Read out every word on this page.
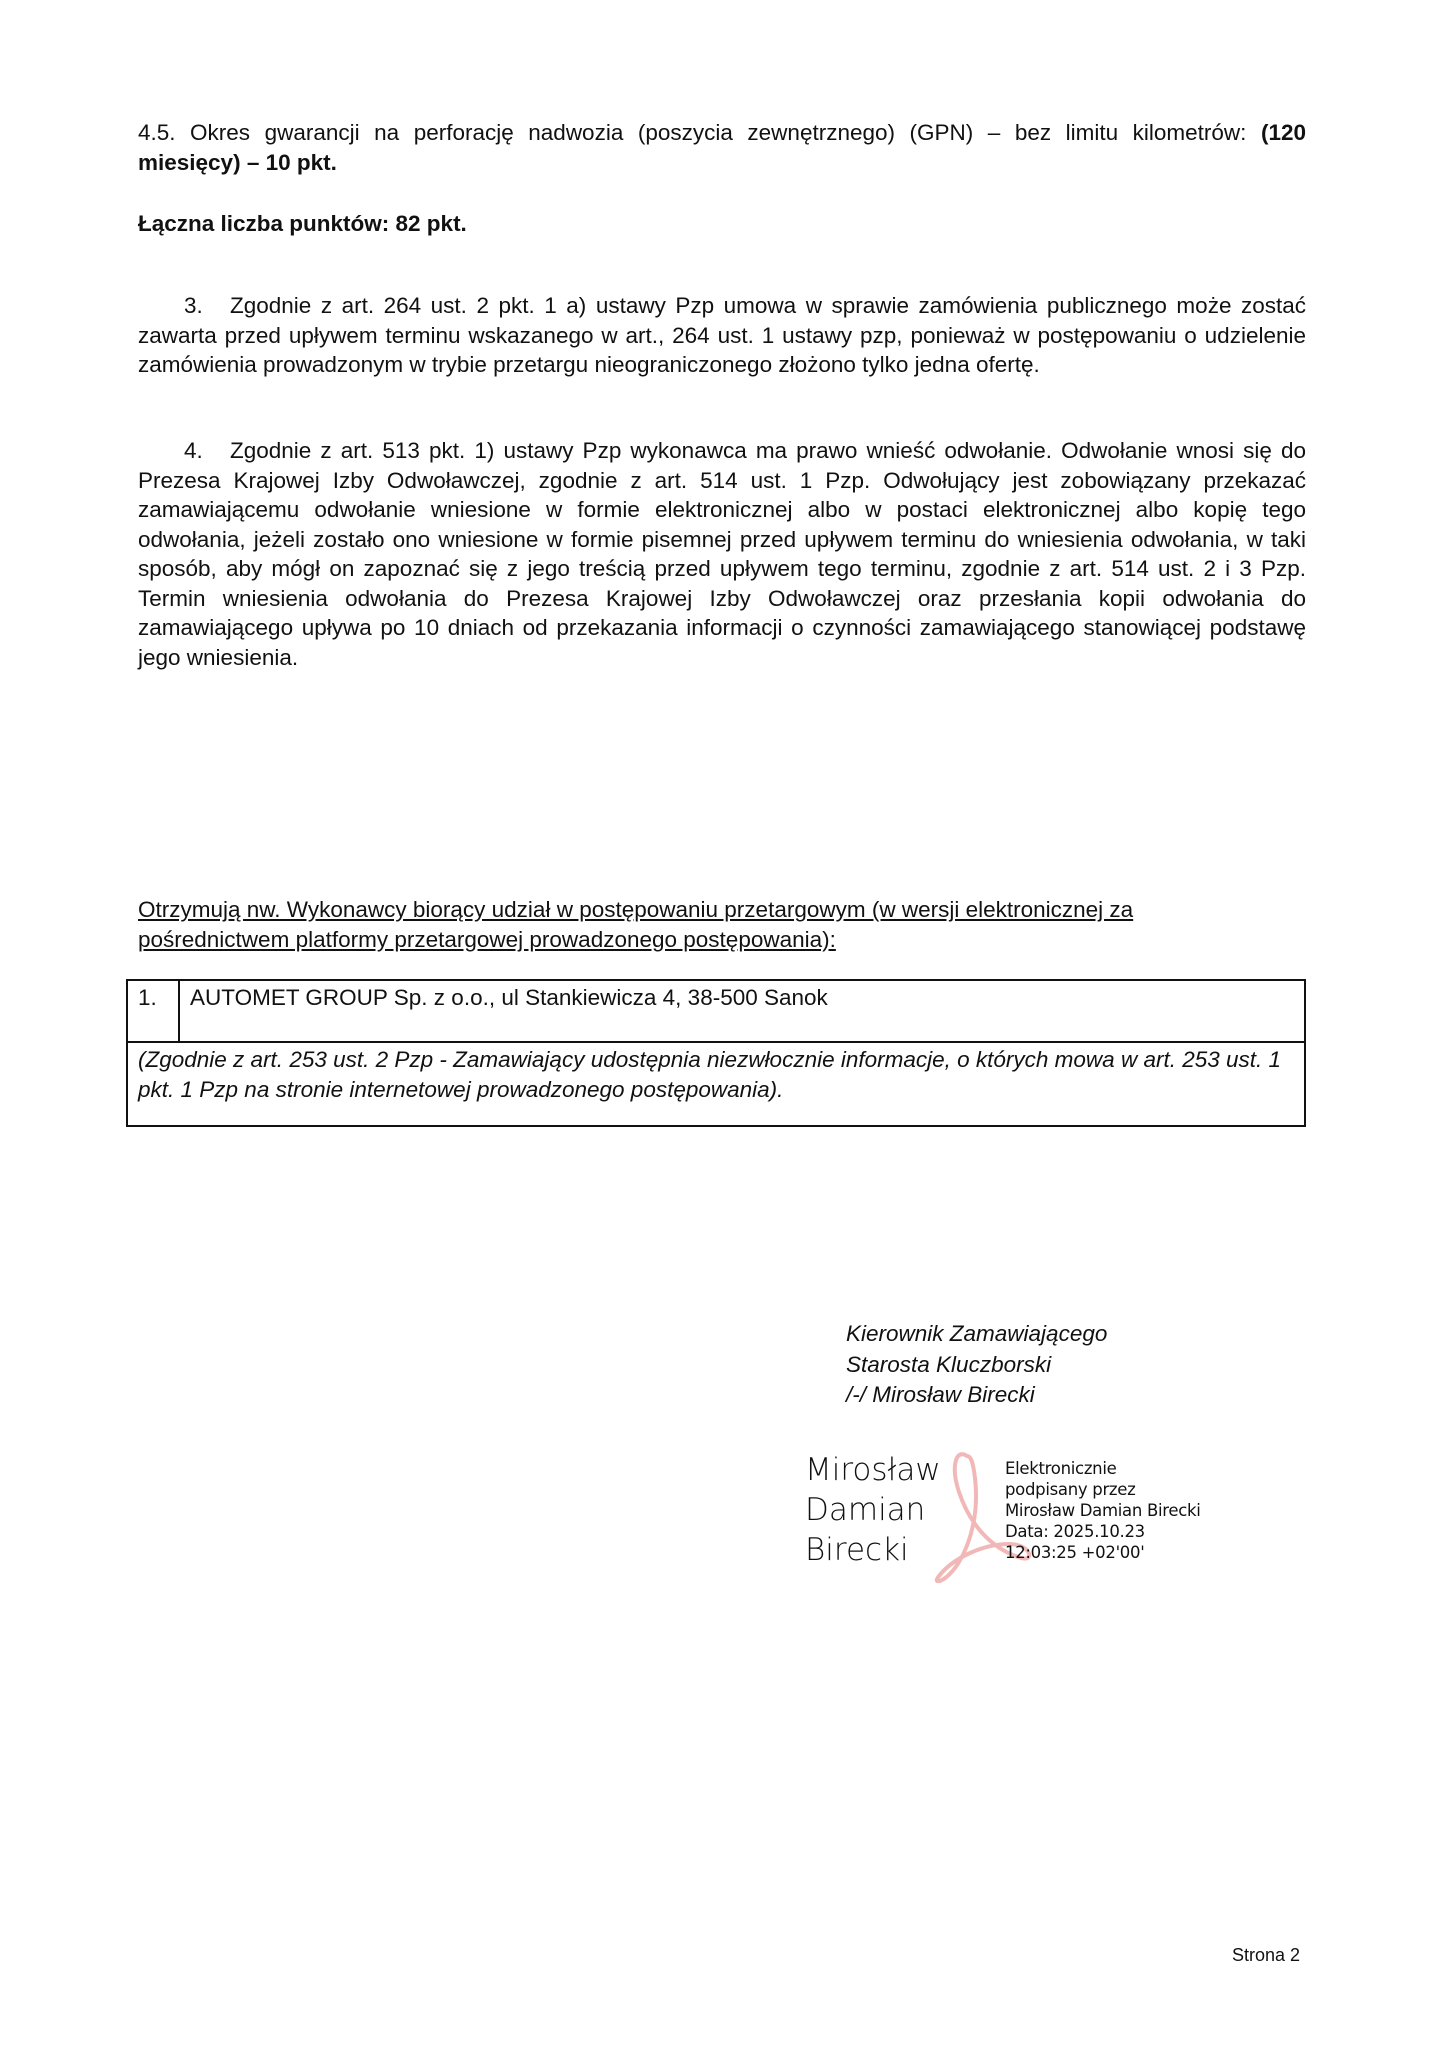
4.5. Okres gwarancji na perforację nadwozia (poszycia zewnętrznego) (GPN) – bez limitu kilometrów: (120 miesięcy) – 10 pkt.

Łączna liczba punktów: 82 pkt.

3. Zgodnie z art. 264 ust. 2 pkt. 1 a) ustawy Pzp umowa w sprawie zamówienia publicznego może zostać zawarta przed upływem terminu wskazanego w art., 264 ust. 1 ustawy pzp, ponieważ w postępowaniu o udzielenie zamówienia prowadzonym w trybie przetargu nieograniczonego złożono tylko jedna ofertę.

4. Zgodnie z art. 513 pkt. 1) ustawy Pzp wykonawca ma prawo wnieść odwołanie. Odwołanie wnosi się do Prezesa Krajowej Izby Odwoławczej, zgodnie z art. 514 ust. 1 Pzp. Odwołujący jest zobowiązany przekazać zamawiającemu odwołanie wniesione w formie elektronicznej albo w postaci elektronicznej albo kopię tego odwołania, jeżeli zostało ono wniesione w formie pisemnej przed upływem terminu do wniesienia odwołania, w taki sposób, aby mógł on zapoznać się z jego treścią przed upływem tego terminu, zgodnie z art. 514 ust. 2 i 3 Pzp. Termin wniesienia odwołania do Prezesa Krajowej Izby Odwoławczej oraz przesłania kopii odwołania do zamawiającego upływa po 10 dniach od przekazania informacji o czynności zamawiającego stanowiącej podstawę jego wniesienia.

Otrzymują nw. Wykonawcy biorący udział w postępowaniu przetargowym (w wersji elektronicznej za pośrednictwem platformy przetargowej prowadzonego postępowania):

1.	AUTOMET GROUP Sp. z o.o., ul Stankiewicza 4, 38-500 Sanok
(Zgodnie z art. 253 ust. 2 Pzp - Zamawiający udostępnia niezwłocznie informacje, o których mowa w art. 253 ust. 1 pkt. 1 Pzp na stronie internetowej prowadzonego postępowania).
Kierownik Zamawiającego
Starosta Kluczborski
/-/ Mirosław Birecki
Mirosław
Damian
Birecki
Elektronicznie
podpisany przez
Mirosław Damian Birecki
Data: 2025.10.23
12:03:25 +02'00'
Strona 2
